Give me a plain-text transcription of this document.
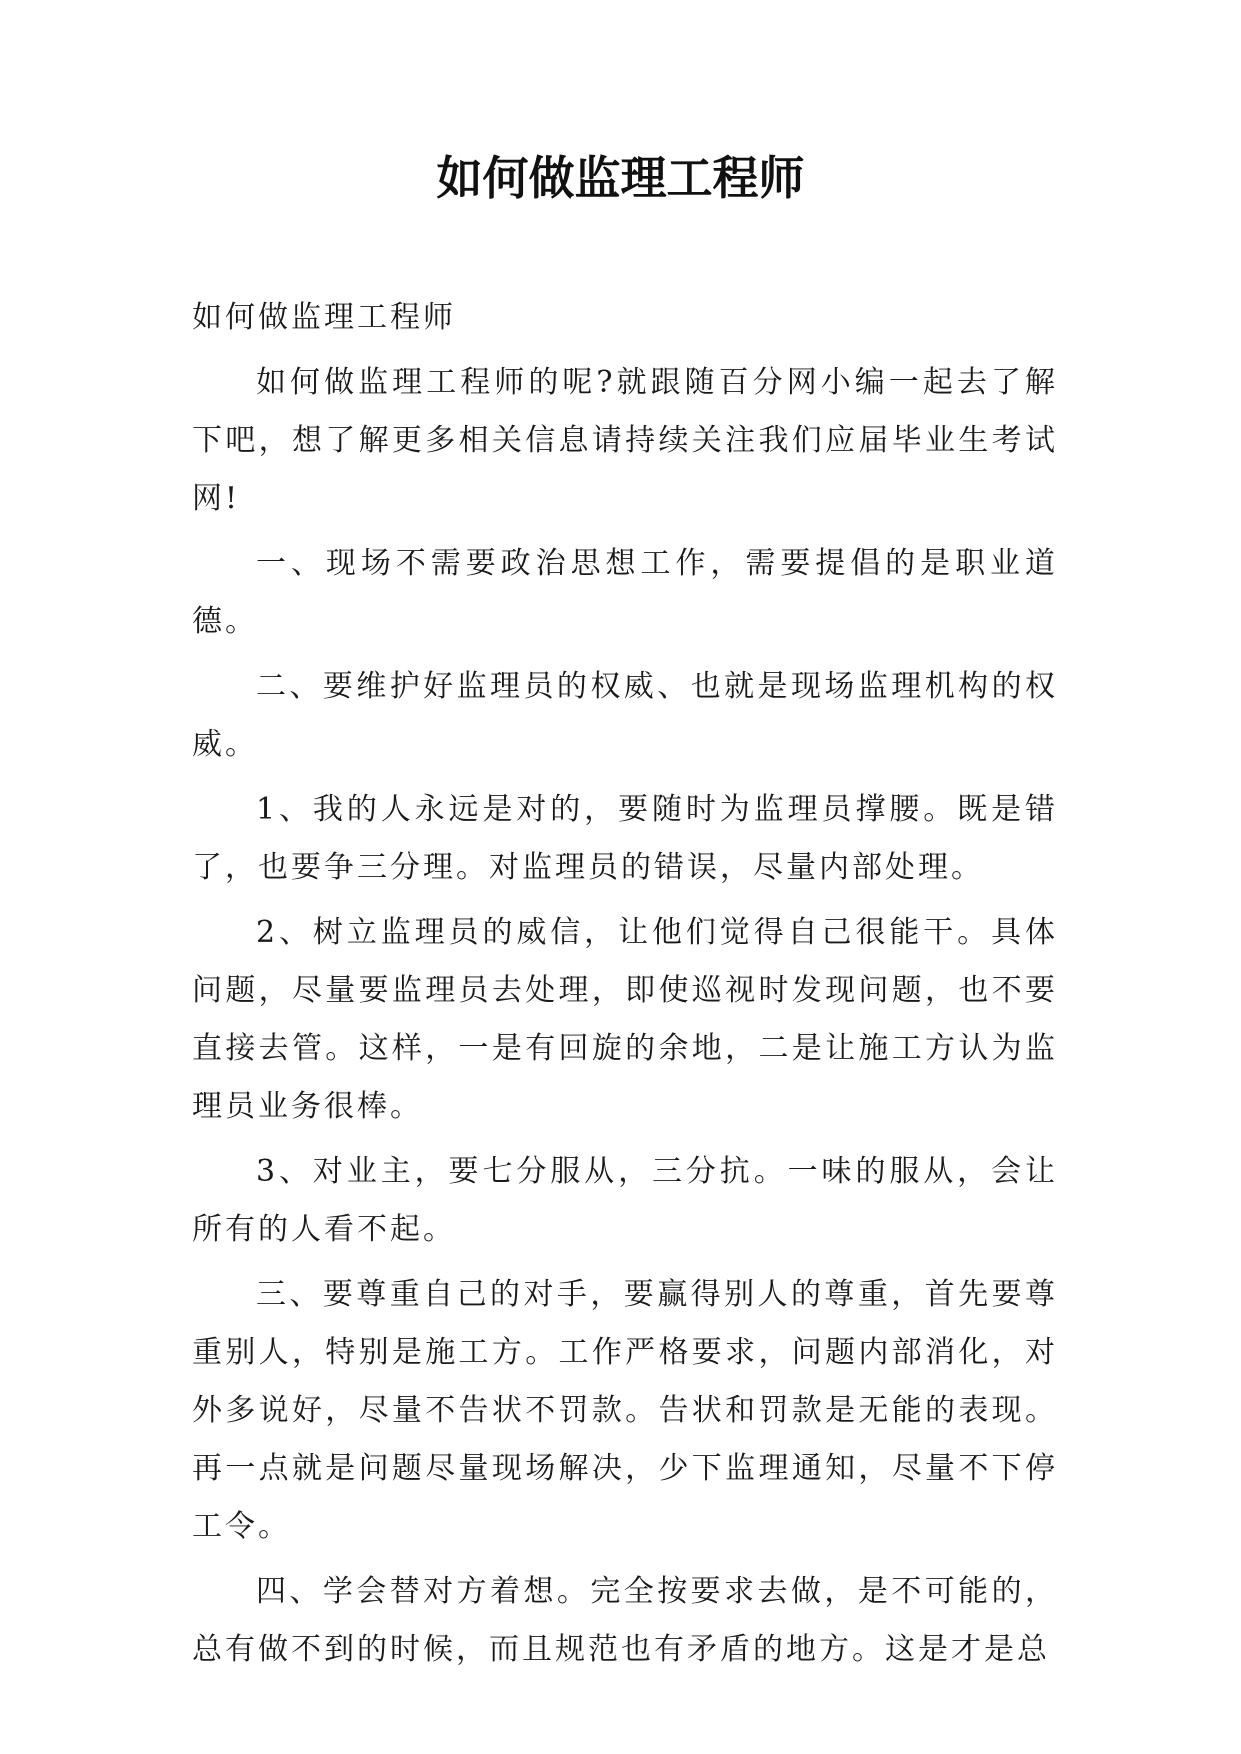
如何做监理工程师

如何做监理工程师

如何做监理工程师的呢?就跟随百分网小编一起去了解下吧，想了解更多相关信息请持续关注我们应届毕业生考试网!

一、现场不需要政治思想工作，需要提倡的是职业道德。

二、要维护好监理员的权威、也就是现场监理机构的权威。

1、我的人永远是对的，要随时为监理员撑腰。既是错了，也要争三分理。对监理员的错误，尽量内部处理。

2、树立监理员的威信，让他们觉得自己很能干。具体问题，尽量要监理员去处理，即使巡视时发现问题，也不要直接去管。这样，一是有回旋的余地，二是让施工方认为监理员业务很棒。

3、对业主，要七分服从，三分抗。一味的服从，会让所有的人看不起。

三、要尊重自己的对手，要赢得别人的尊重，首先要尊重别人，特别是施工方。工作严格要求，问题内部消化，对外多说好，尽量不告状不罚款。告状和罚款是无能的表现。再一点就是问题尽量现场解决，少下监理通知，尽量不下停工令。

四、学会替对方着想。完全按要求去做，是不可能的，总有做不到的时候，而且规范也有矛盾的地方。这是才是总
